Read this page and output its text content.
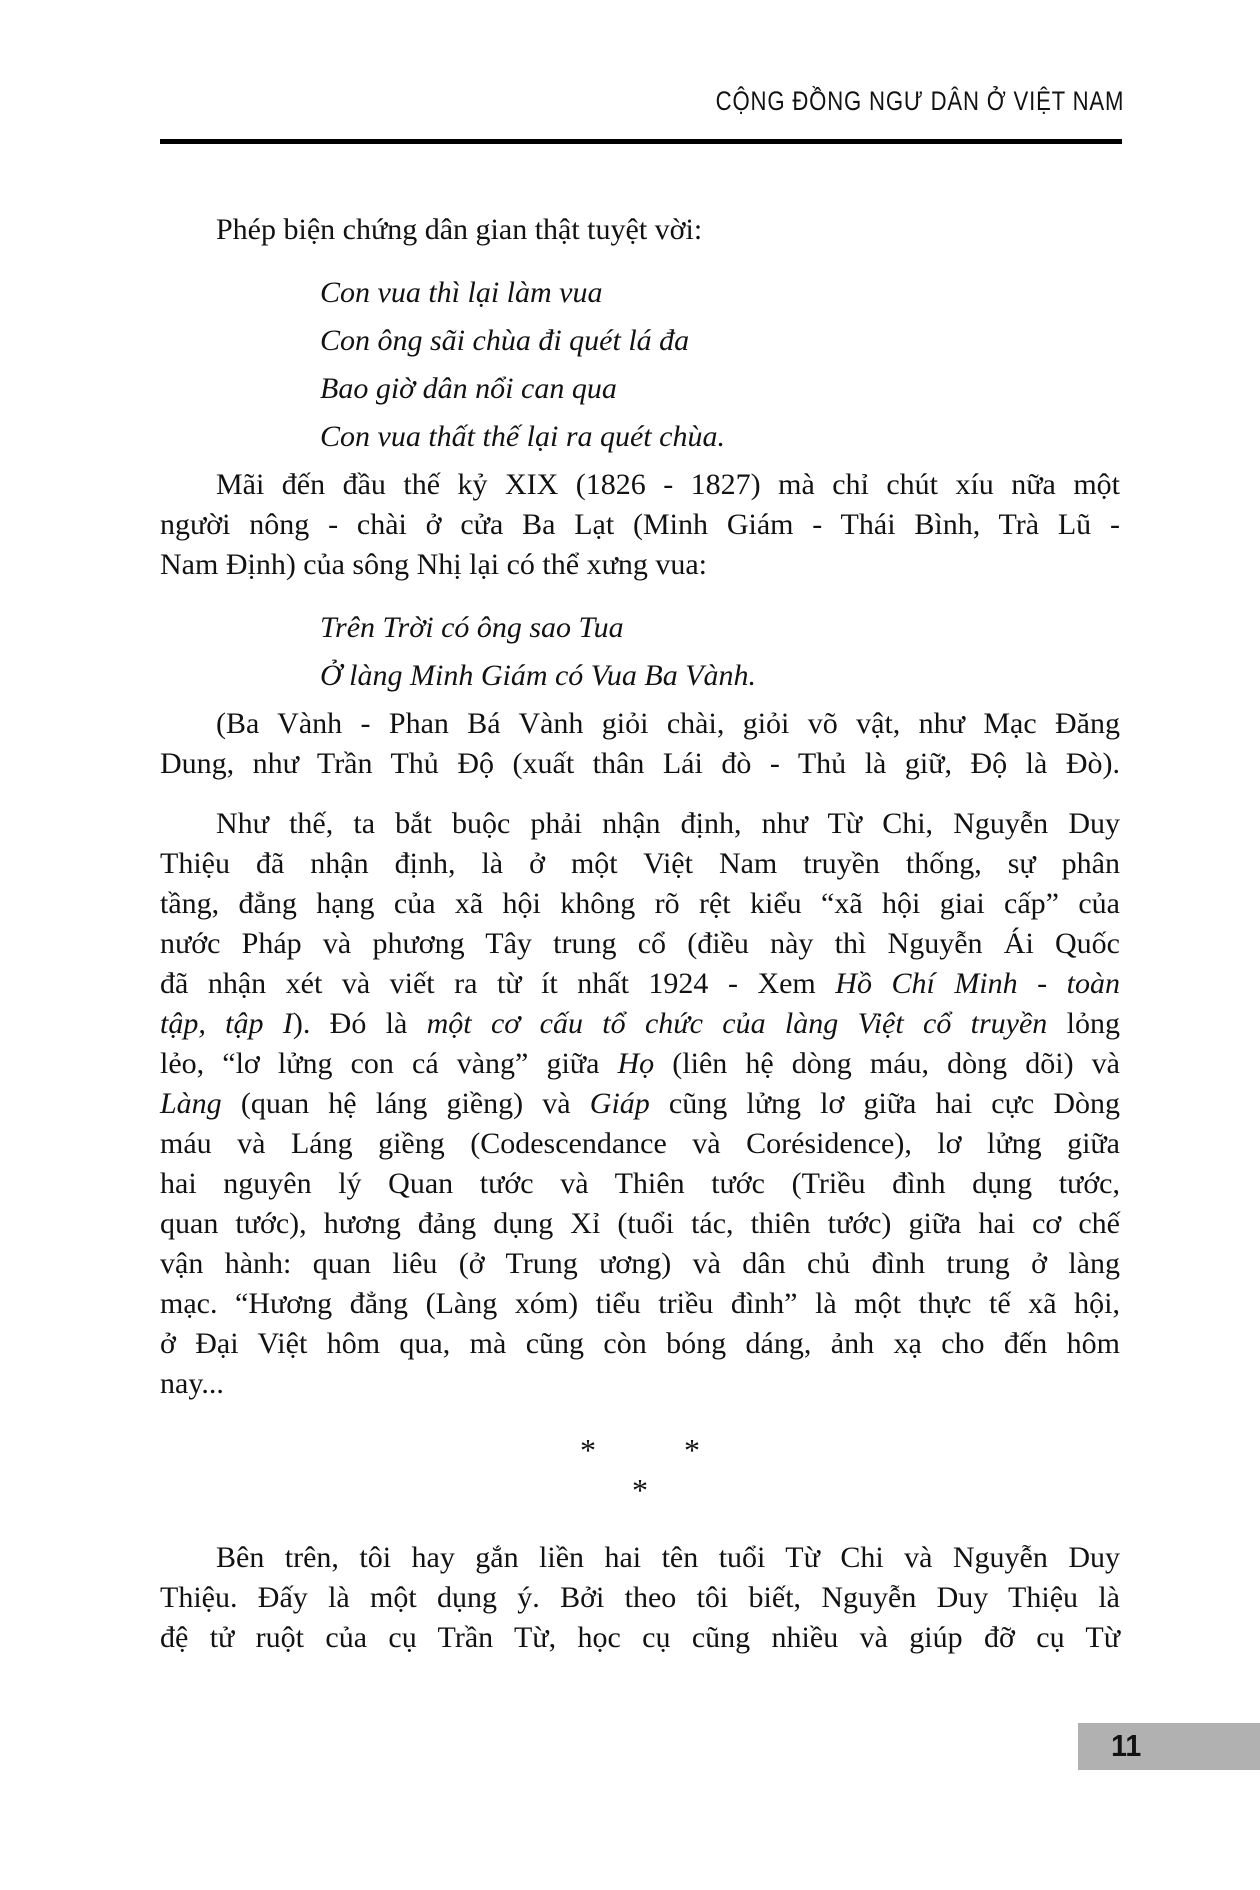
CỘNG ĐỒNG NGƯ DÂN Ở VIỆT NAM
Phép biện chứng dân gian thật tuyệt vời:
Con vua thì lại làm vua
Con ông sãi chùa đi quét lá đa
Bao giờ dân nổi can qua
Con vua thất thế lại ra quét chùa.
Mãi đến đầu thế kỷ XIX (1826 - 1827) mà chỉ chút xíu nữa một
người nông - chài ở cửa Ba Lạt (Minh Giám - Thái Bình, Trà Lũ -
Nam Định) của sông Nhị lại có thể xưng vua:
Trên Trời có ông sao Tua
Ở làng Minh Giám có Vua Ba Vành.
(Ba Vành - Phan Bá Vành giỏi chài, giỏi võ vật, như Mạc Đăng
Dung, như Trần Thủ Độ (xuất thân Lái đò - Thủ là giữ, Độ là Đò).
Như thế, ta bắt buộc phải nhận định, như Từ Chi, Nguyễn Duy
Thiệu đã nhận định, là ở một Việt Nam truyền thống, sự phân
tầng, đẳng hạng của xã hội không rõ rệt kiểu “xã hội giai cấp” của
nước Pháp và phương Tây trung cổ (điều này thì Nguyễn Ái Quốc
đã nhận xét và viết ra từ ít nhất 1924 - Xem Hồ Chí Minh - toàn
tập, tập I). Đó là một cơ cấu tổ chức của làng Việt cổ truyền lỏng
lẻo, “lơ lửng con cá vàng” giữa Họ (liên hệ dòng máu, dòng dõi) và
Làng (quan hệ láng giềng) và Giáp cũng lửng lơ giữa hai cực Dòng
máu và Láng giềng (Codescendance và Corésidence), lơ lửng giữa
hai nguyên lý Quan tước và Thiên tước (Triều đình dụng tước,
quan tước), hương đảng dụng Xỉ (tuổi tác, thiên tước) giữa hai cơ chế
vận hành: quan liêu (ở Trung ương) và dân chủ đình trung ở làng
mạc. “Hương đẳng (Làng xóm) tiểu triều đình” là một thực tế xã hội,
ở Đại Việt hôm qua, mà cũng còn bóng dáng, ảnh xạ cho đến hôm
nay...
*	*
*
Bên trên, tôi hay gắn liền hai tên tuổi Từ Chi và Nguyễn Duy
Thiệu. Đấy là một dụng ý. Bởi theo tôi biết, Nguyễn Duy Thiệu là
đệ tử ruột của cụ Trần Từ, học cụ cũng nhiều và giúp đỡ cụ Từ
11
